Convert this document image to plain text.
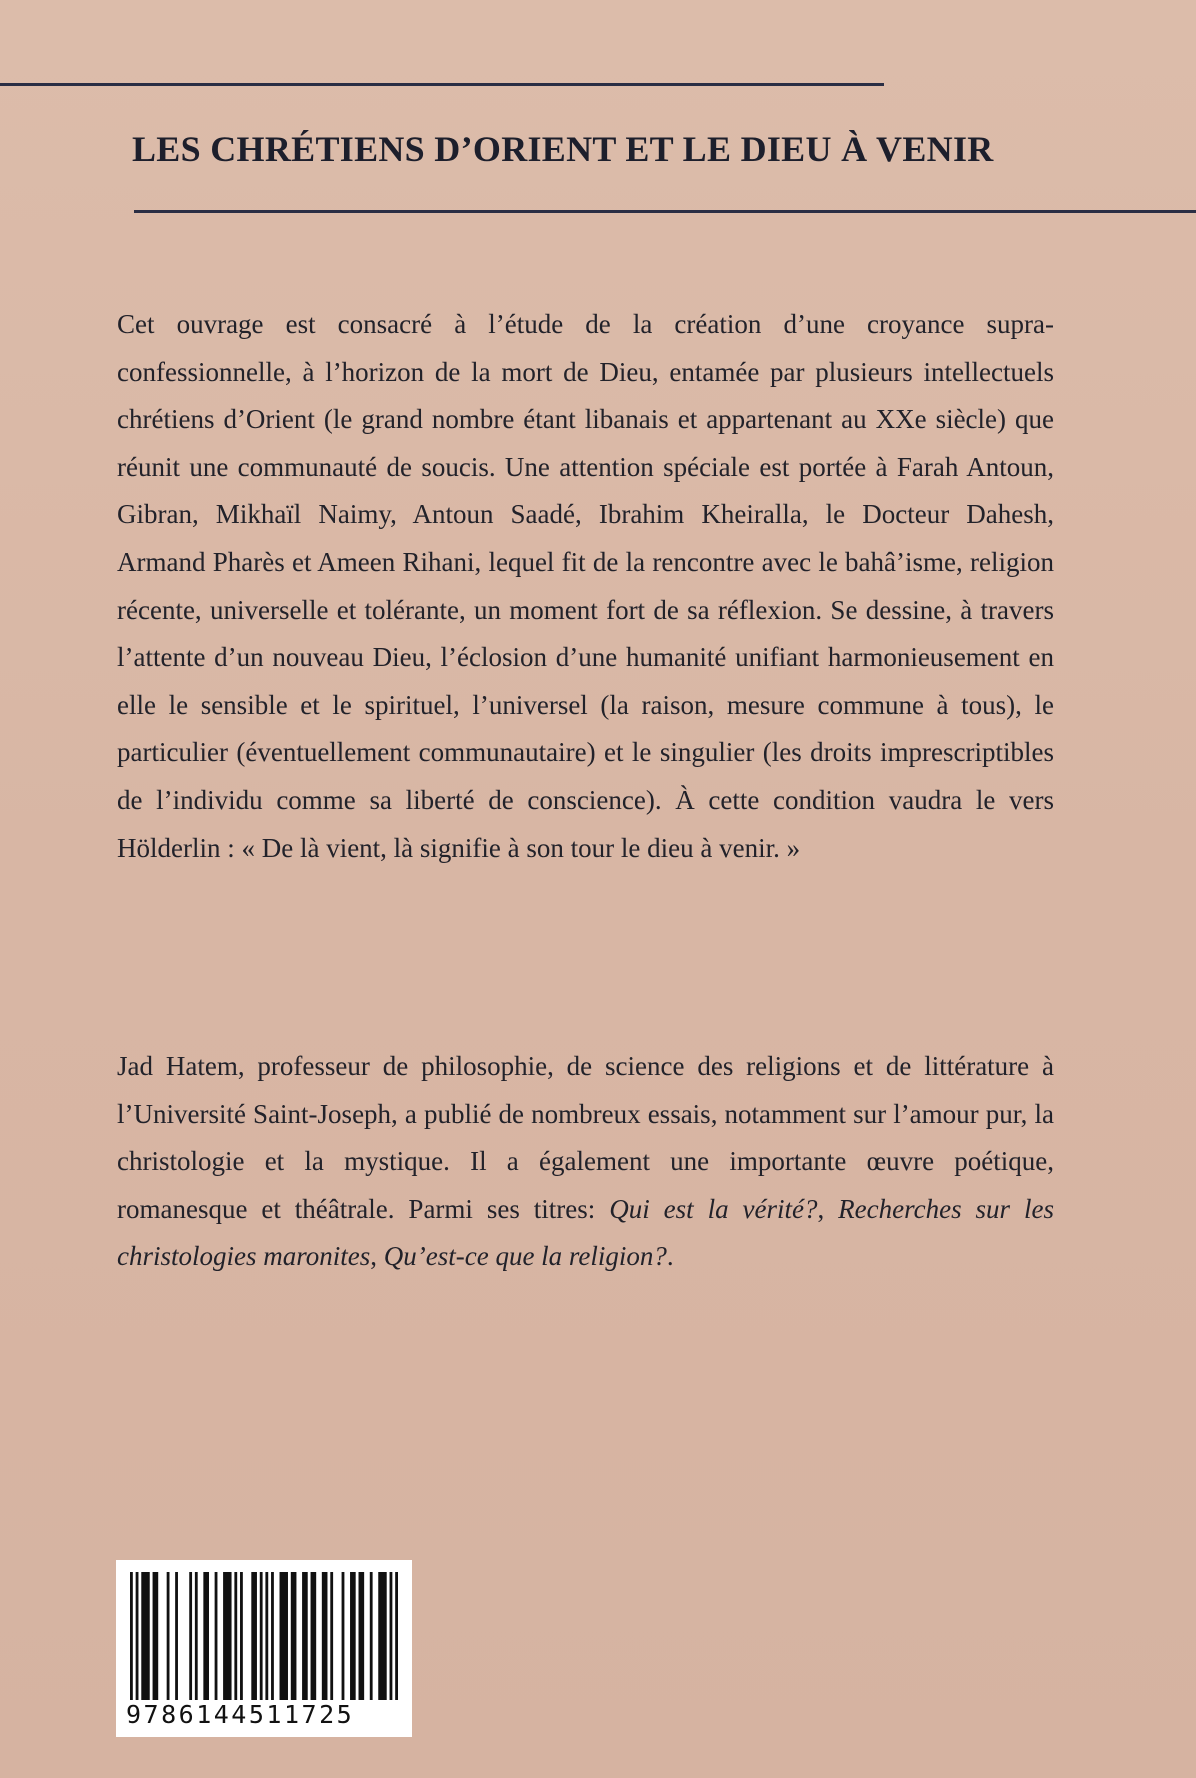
LES CHRÉTIENS D’ORIENT ET LE DIEU À VENIR

Cet ouvrage est consacré à l’étude de la création d’une croyance supra-confessionnelle, à l’horizon de la mort de Dieu, entamée par plusieurs intellectuels chrétiens d’Orient (le grand nombre étant libanais et appartenant au XXe siècle) que réunit une communauté de soucis. Une attention spéciale est portée à Farah Antoun, Gibran, Mikhaïl Naimy, Antoun Saadé, Ibrahim Kheiralla, le Docteur Dahesh, Armand Pharès et Ameen Rihani, lequel fit de la rencontre avec le bahâ’isme, religion récente, universelle et tolérante, un moment fort de sa réflexion. Se dessine, à travers l’attente d’un nouveau Dieu, l’éclosion d’une humanité unifiant harmonieusement en elle le sensible et le spirituel, l’universel (la raison, mesure commune à tous), le particulier (éventuellement communautaire) et le singulier (les droits imprescriptibles de l’individu comme sa liberté de conscience). À cette condition vaudra le vers Hölderlin : « De là vient, là signifie à son tour le dieu à venir. »

Jad Hatem, professeur de philosophie, de science des religions et de littérature à l’Université Saint-Joseph, a publié de nombreux essais, notamment sur l’amour pur, la christologie et la mystique. Il a également une importante œuvre poétique, romanesque et théâtrale. Parmi ses titres: Qui est la vérité?, Recherches sur les christologies maronites, Qu’est-ce que la religion?.

9786144511725
